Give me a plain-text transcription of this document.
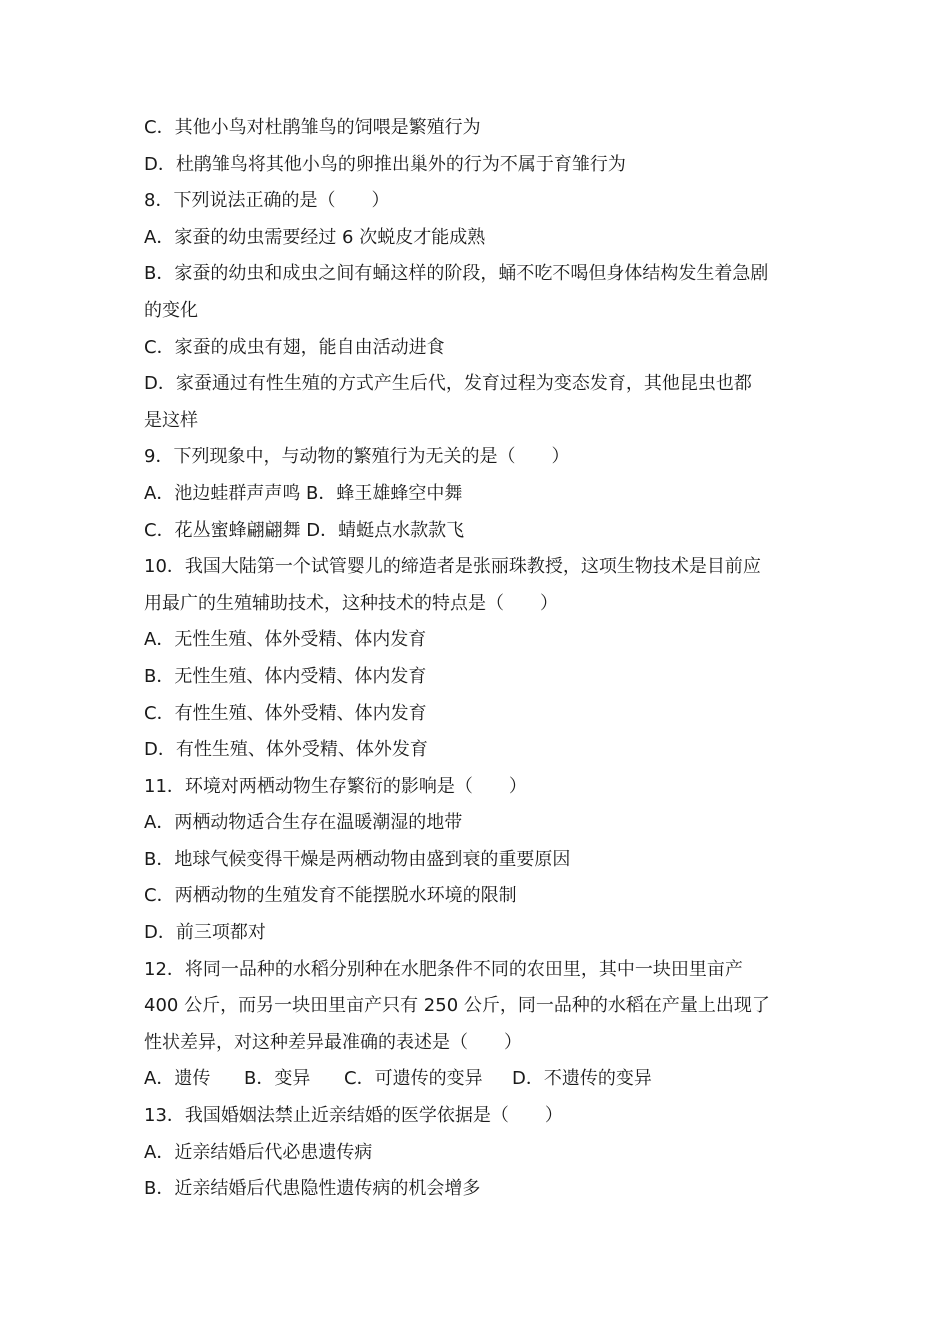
C．其他小鸟对杜鹃雏鸟的饲喂是繁殖行为
D．杜鹃雏鸟将其他小鸟的卵推出巢外的行为不属于育雏行为
8．下列说法正确的是（　　）
A．家蚕的幼虫需要经过 6 次蜕皮才能成熟
B．家蚕的幼虫和成虫之间有蛹这样的阶段，蛹不吃不喝但身体结构发生着急剧
的变化
C．家蚕的成虫有翅，能自由活动进食
D．家蚕通过有性生殖的方式产生后代，发育过程为变态发育，其他昆虫也都
是这样
9．下列现象中，与动物的繁殖行为无关的是（　　）
A．池边蛙群声声鸣 B．蜂王雄蜂空中舞
C．花丛蜜蜂翩翩舞 D．蜻蜓点水款款飞
10．我国大陆第一个试管婴儿的缔造者是张丽珠教授，这项生物技术是目前应
用最广的生殖辅助技术，这种技术的特点是（　　）
A．无性生殖、体外受精、体内发育
B．无性生殖、体内受精、体内发育
C．有性生殖、体外受精、体内发育
D．有性生殖、体外受精、体外发育
11．环境对两栖动物生存繁衍的影响是（　　）
A．两栖动物适合生存在温暖潮湿的地带
B．地球气候变得干燥是两栖动物由盛到衰的重要原因
C．两栖动物的生殖发育不能摆脱水环境的限制
D．前三项都对
12．将同一品种的水稻分别种在水肥条件不同的农田里，其中一块田里亩产
400 公斤，而另一块田里亩产只有 250 公斤，同一品种的水稻在产量上出现了
性状差异，对这种差异最准确的表述是（　　）
A．遗传	B．变异	C．可遗传的变异	D．不遗传的变异
13．我国婚姻法禁止近亲结婚的医学依据是（　　）
A．近亲结婚后代必患遗传病
B．近亲结婚后代患隐性遗传病的机会增多
